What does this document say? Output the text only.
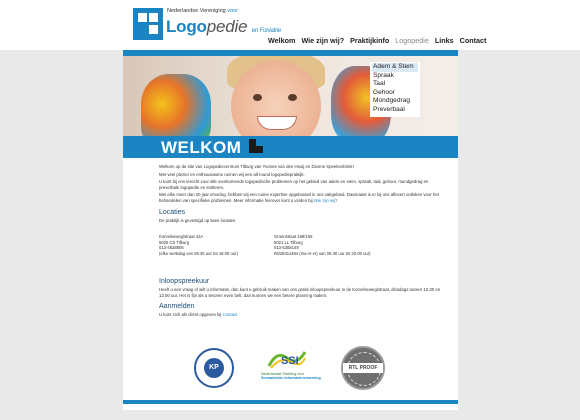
Nederlandse Vereniging voor
Logopedie en Foniatrie
Welkom Wie zijn wij? Praktijkinfo Logopedie Links Contact
Adem & Stem
Spraak
Taal
Gehoor
Mondgedrag
Preverbaal
WELKOM

Welkom op de site van Logopediecentrum Tilburg van Yvonne van den Heuij en Dionne Speekenbrink!

Met veel plezier en enthousiasme runnen wij een all-round logopediepraktijk.

U kunt bij ons terecht voor alle voorkomende logopedische problemen op het gebied van adem en stem, spraak, taal, gehoor, mondgedrag en preverbale logopedie en stotteren.

Met elke meer dan 20 jaar ervaring, hebben wij een ruime expertise opgebouwd in ons vakgebied. Daarnaast is er bij ons aflevert ontloken voor het behandelen van specifieke problemen. Meer informatie hierover kunt u vinden bij Wie zijn wij?

Locaties
De praktijk is gevestigd op twee locaties
Korvelseweg/straat 42A
5025 CS Tilburg
013-4638806
(elke werkdag van 08.30 uur tot 18.00 uur)
Groenstraat 159/155
5021 LL Tilburg
013-5358149
06/28411484 (ma-vr-vr) van 08.30 uur tot 20.00 uur)
Inloopspreekuur

Heeft u een vraag of wilt u informatie, dan kunt u gebruik maken van ons gratis inloopspreekuur in de Korvelseweg/straat, dinsdags tussen 12.30 en 13.00 uur. Het is fijn als u tevoren even belt, dan kunnen we een betere planning maken.

Aanmelden

U kunt zich als cliënt opgeven bij Contact

KP
SSI
Nederlandse Stichting voor
Sociaalrichte Informatieverwerking
RTL PROOF
